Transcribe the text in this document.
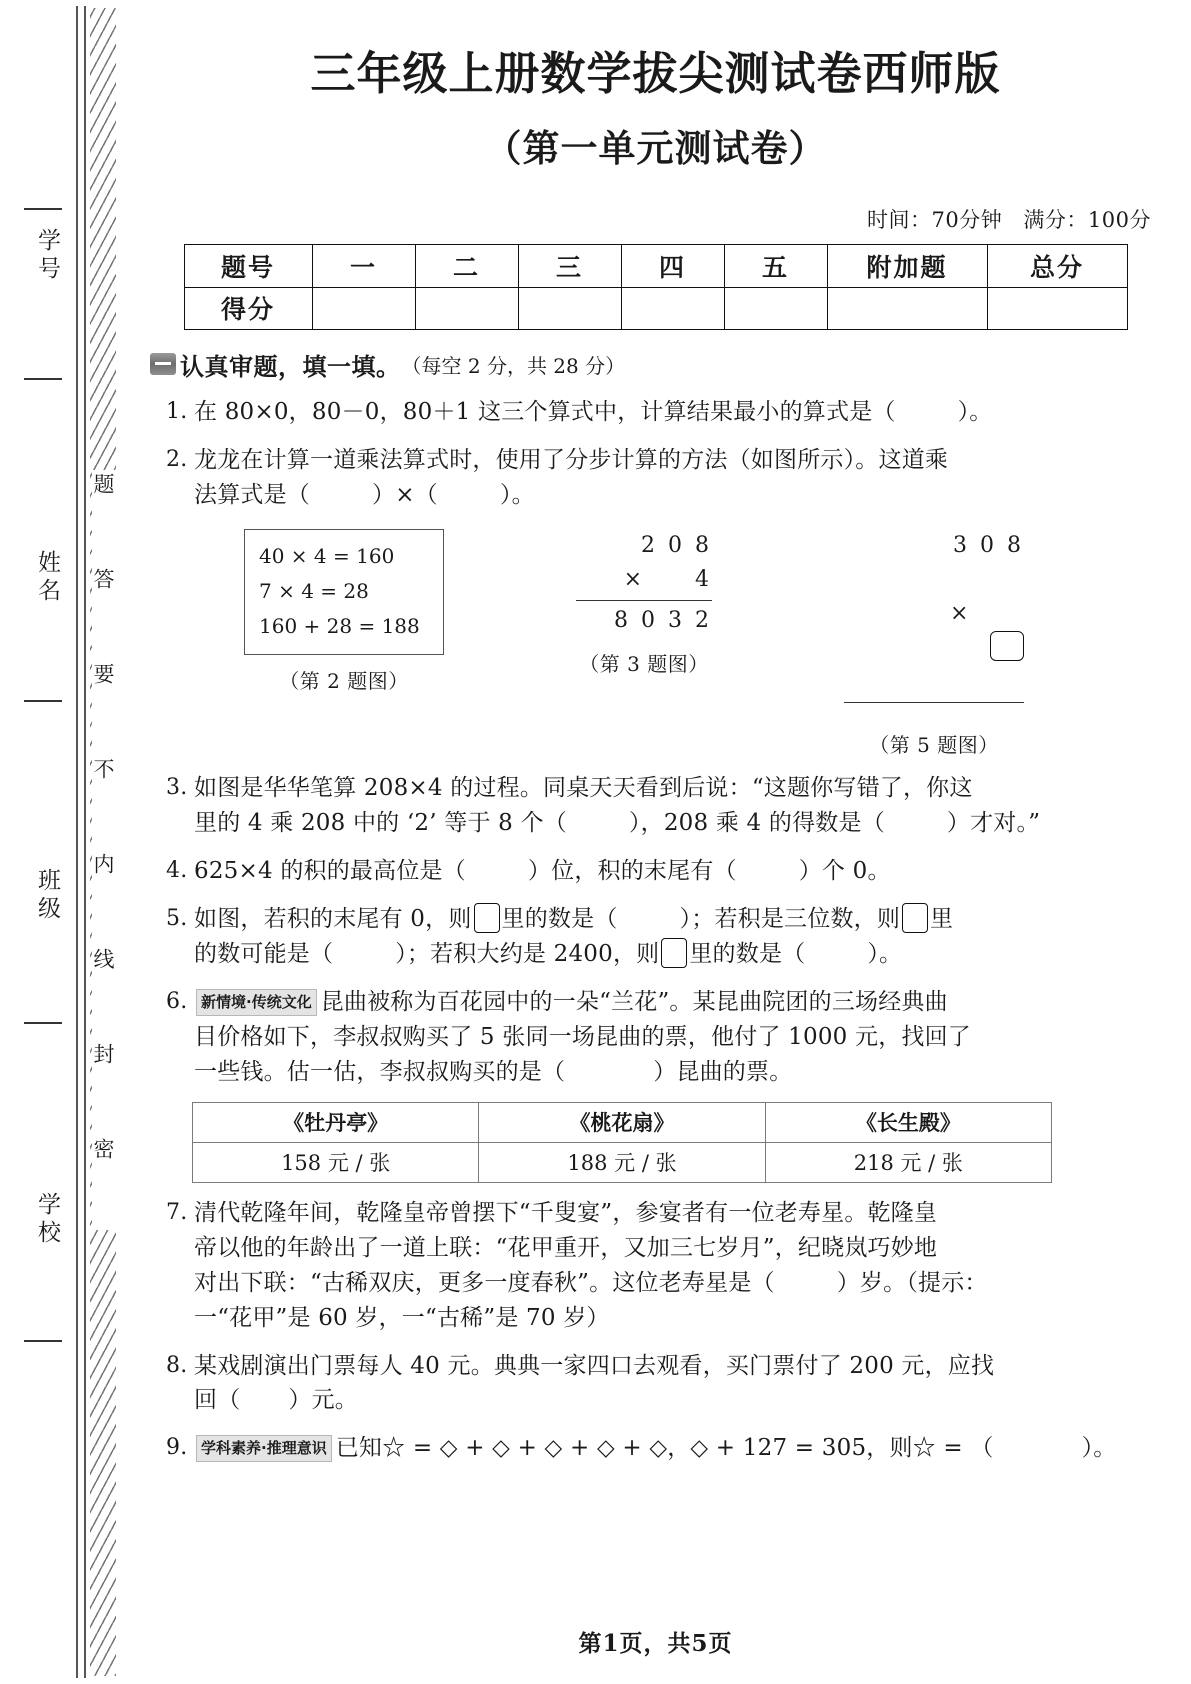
学号
姓名
班级
学校
题
答
要
不
内
线
封
密
三年级上册数学拔尖测试卷西师版
（第一单元测试卷）
时间：70分钟 满分：100分
题号	一	二	三	四	五	附加题	总分
得分							
认真审题，填一填。 （每空 2 分，共 28 分）
1. 在 80×0，80－0，80＋1 这三个算式中，计算结果最小的算式是（	）。
2. 龙龙在计算一道乘法算式时，使用了分步计算的方法（如图所示）。这道乘
法算式是（	）×（	）。
40 × 4 = 160
7 × 4 = 28
160 + 28 = 188
（第 2 题图）
2 0 8
×     4
8 0 3 2
（第 3 题图）
3 0 8

×

（第 5 题图）
3. 如图是华华笔算 208×4 的过程。同桌天天看到后说：“这题你写错了，你这
里的 4 乘 208 中的 ‘2’ 等于 8 个（	），208 乘 4 的得数是（	）才对。”
4. 625×4 的积的最高位是（	）位，积的末尾有（	）个 0。
5. 如图，若积的末尾有 0，则 里的数是（	）；若积是三位数，则 里
的数可能是（	）；若积大约是 2400，则 里的数是（	）。
6. 新情境·传统文化 昆曲被称为百花园中的一朵“兰花”。某昆曲院团的三场经典曲
目价格如下，李叔叔购买了 5 张同一场昆曲的票，他付了 1000 元，找回了
一些钱。估一估，李叔叔购买的是（	）昆曲的票。
《牡丹亭》	《桃花扇》	《长生殿》
158 元 / 张	188 元 / 张	218 元 / 张
7. 清代乾隆年间，乾隆皇帝曾摆下“千叟宴”，参宴者有一位老寿星。乾隆皇
帝以他的年龄出了一道上联：“花甲重开，又加三七岁月”，纪晓岚巧妙地
对出下联：“古稀双庆，更多一度春秋”。这位老寿星是（	）岁。（提示：
一“花甲”是 60 岁，一“古稀”是 70 岁）
8. 某戏剧演出门票每人 40 元。典典一家四口去观看，买门票付了 200 元，应找
回（ ）元。
9. 学科素养·推理意识 已知☆ = ◇ + ◇ + ◇ + ◇ + ◇，◇ + 127 = 305，则☆ = （	）。
第1页，共5页
